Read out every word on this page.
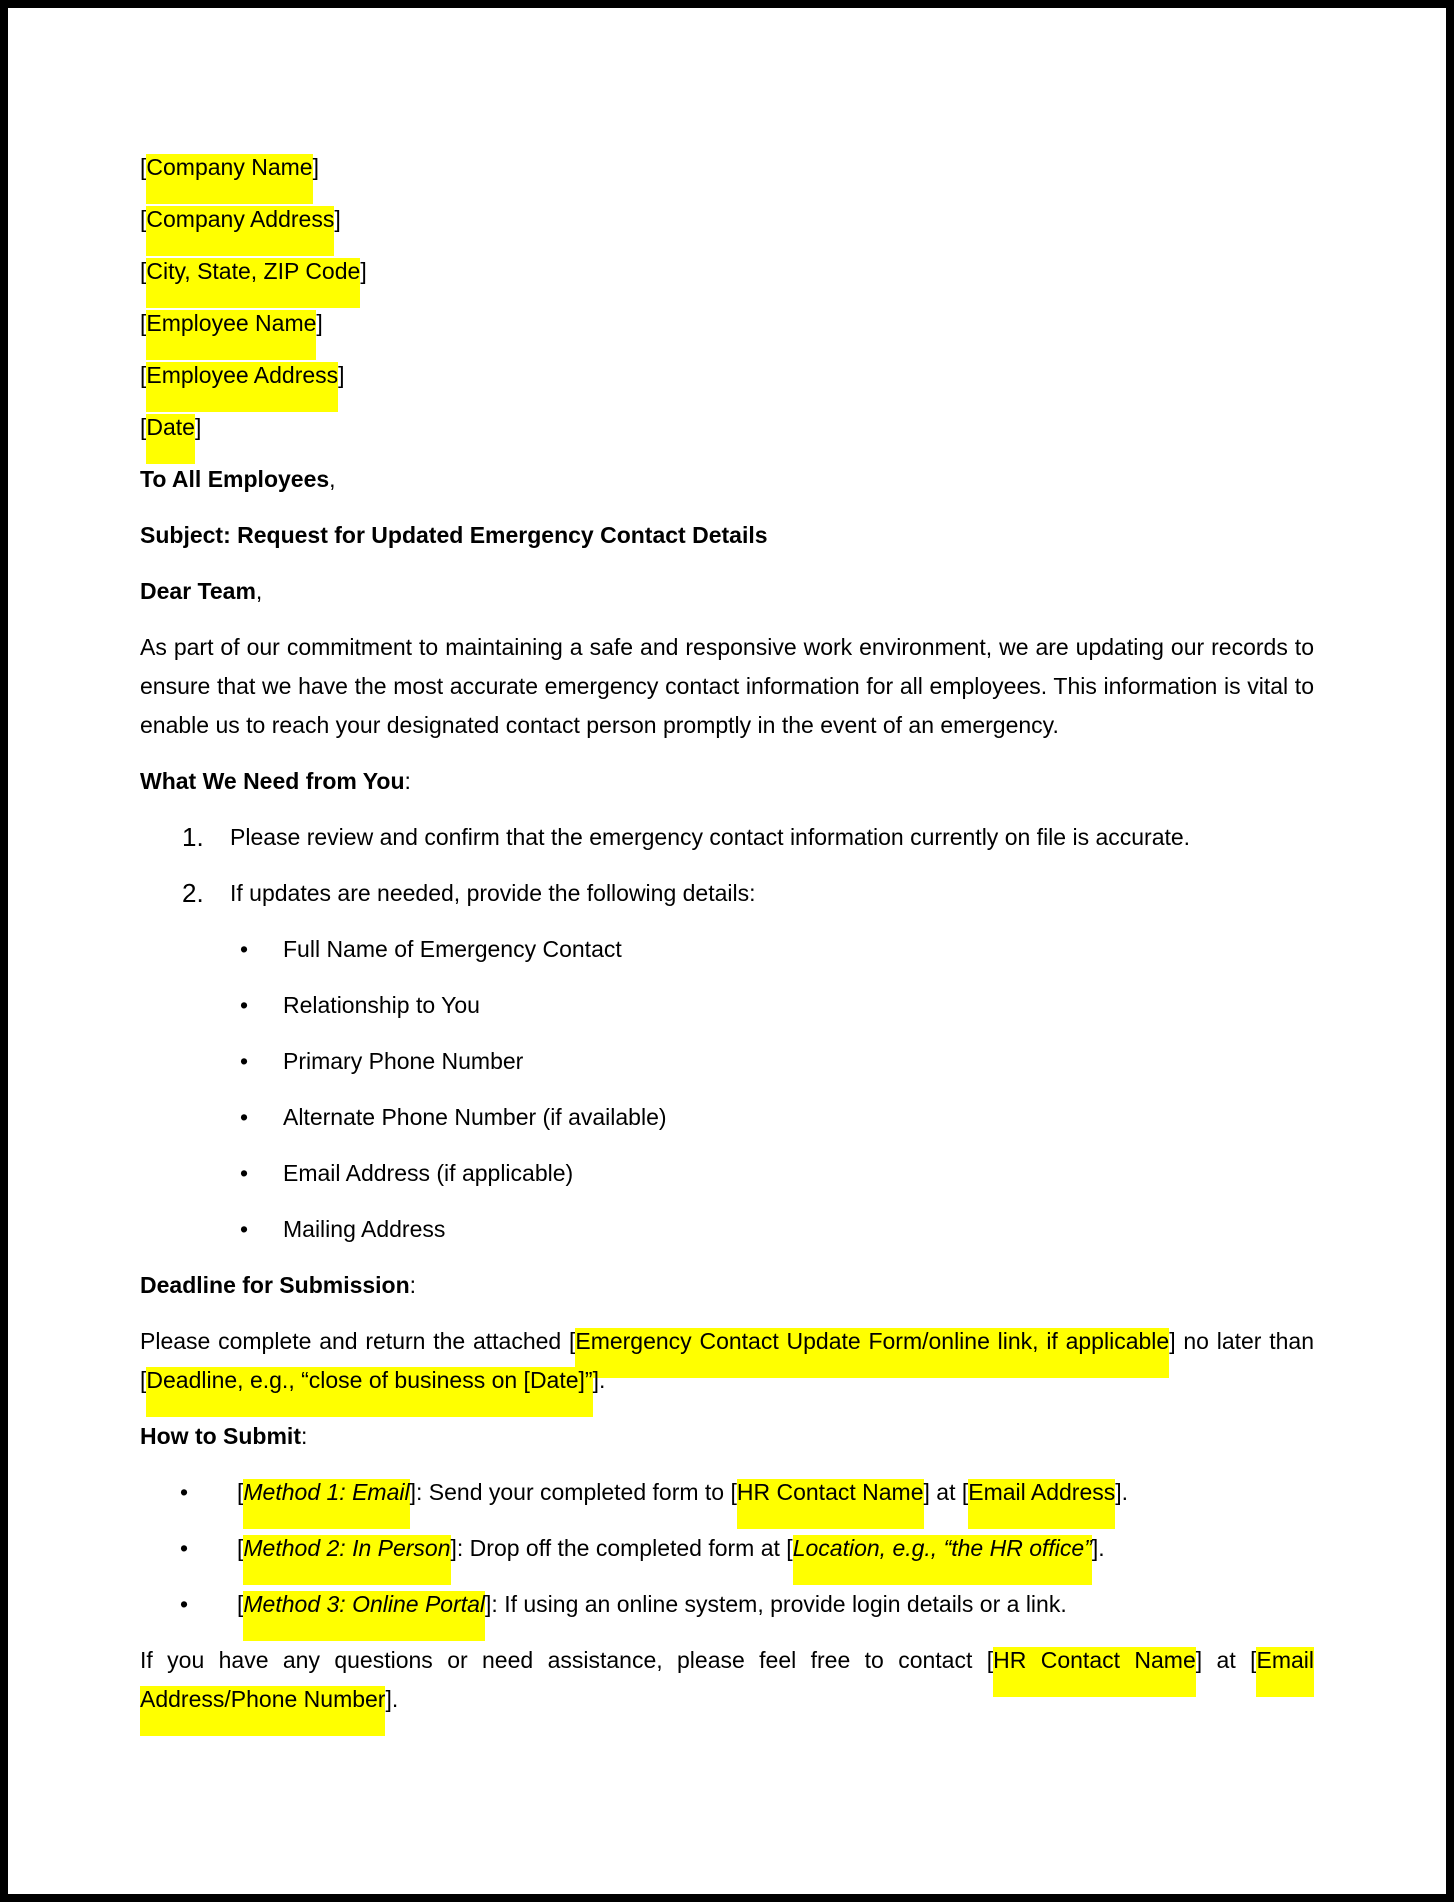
[Company Name]
[Company Address]
[City, State, ZIP Code]
[Employee Name]
[Employee Address]
[Date]
To All Employees,
Subject: Request for Updated Emergency Contact Details
Dear Team,
As part of our commitment to maintaining a safe and responsive work environment, we are updating our records to ensure that we have the most accurate emergency contact information for all employees. This information is vital to enable us to reach your designated contact person promptly in the event of an emergency.
What We Need from You:
1.	Please review and confirm that the emergency contact information currently on file is accurate.
2.	If updates are needed, provide the following details:
•	Full Name of Emergency Contact
•	Relationship to You
•	Primary Phone Number
•	Alternate Phone Number (if available)
•	Email Address (if applicable)
•	Mailing Address
Deadline for Submission:
Please complete and return the attached [Emergency Contact Update Form/online link, if applicable] no later than [Deadline, e.g., “close of business on [Date]”].
How to Submit:
•	[Method 1: Email]: Send your completed form to [HR Contact Name] at [Email Address].
•	[Method 2: In Person]: Drop off the completed form at [Location, e.g., “the HR office”].
•	[Method 3: Online Portal]: If using an online system, provide login details or a link.
If you have any questions or need assistance, please feel free to contact [HR Contact Name] at [Email Address/Phone Number].
